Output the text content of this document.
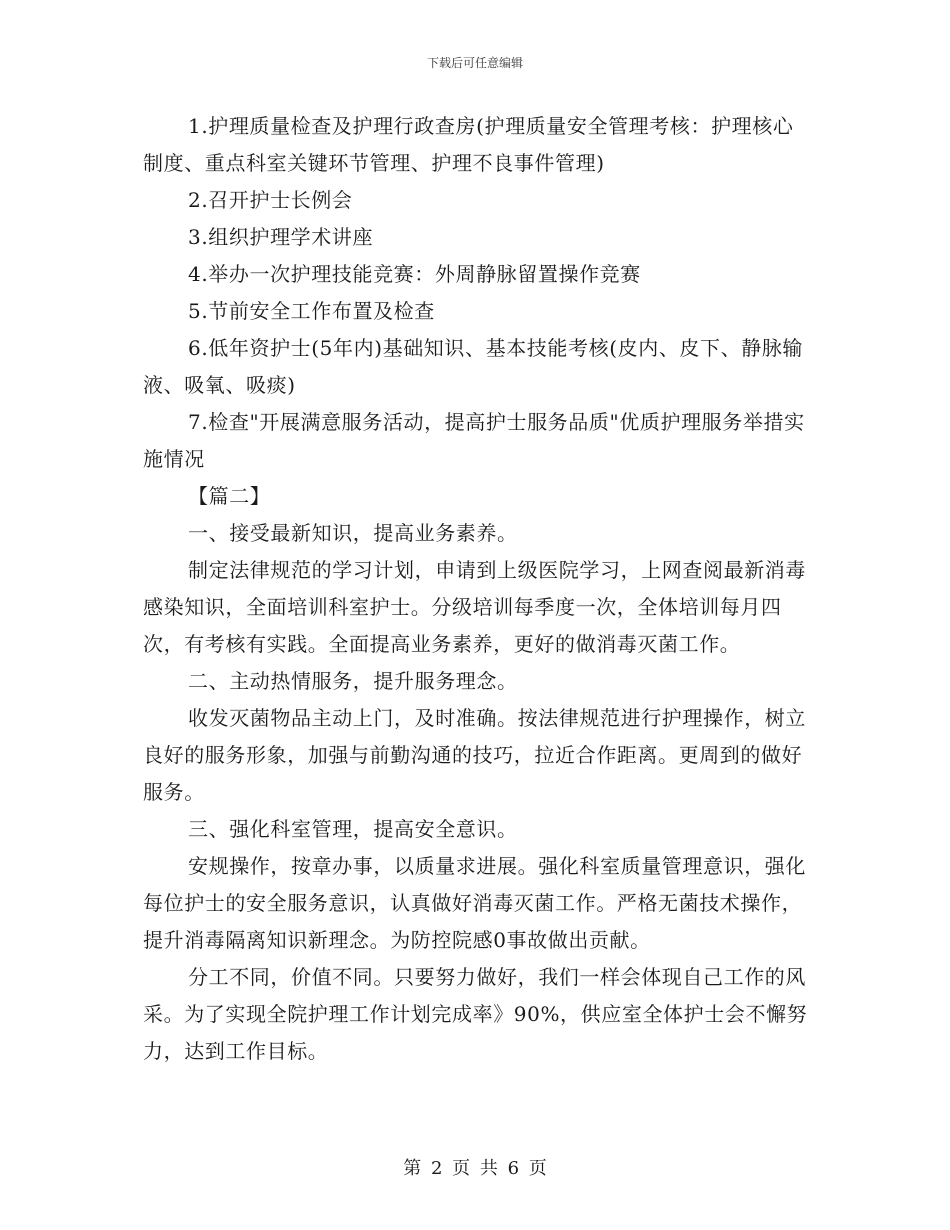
下载后可任意编辑

1.护理质量检查及护理行政查房(护理质量安全管理考核：护理核心制度、重点科室关键环节管理、护理不良事件管理)

2.召开护士长例会

3.组织护理学术讲座

4.举办一次护理技能竞赛：外周静脉留置操作竞赛

5.节前安全工作布置及检查

6.低年资护士(5年内)基础知识、基本技能考核(皮内、皮下、静脉输液、吸氧、吸痰)

7.检查"开展满意服务活动，提高护士服务品质"优质护理服务举措实施情况

【篇二】

一、接受最新知识，提高业务素养。

制定法律规范的学习计划，申请到上级医院学习，上网查阅最新消毒感染知识，全面培训科室护士。分级培训每季度一次，全体培训每月四次，有考核有实践。全面提高业务素养，更好的做消毒灭菌工作。

二、主动热情服务，提升服务理念。

收发灭菌物品主动上门，及时准确。按法律规范进行护理操作，树立良好的服务形象，加强与前勤沟通的技巧，拉近合作距离。更周到的做好服务。

三、强化科室管理，提高安全意识。

安规操作，按章办事，以质量求进展。强化科室质量管理意识，强化每位护士的安全服务意识，认真做好消毒灭菌工作。严格无菌技术操作，提升消毒隔离知识新理念。为防控院感0事故做出贡献。

分工不同，价值不同。只要努力做好，我们一样会体现自己工作的风采。为了实现全院护理工作计划完成率》90%，供应室全体护士会不懈努力，达到工作目标。

第 2 页 共 6 页
